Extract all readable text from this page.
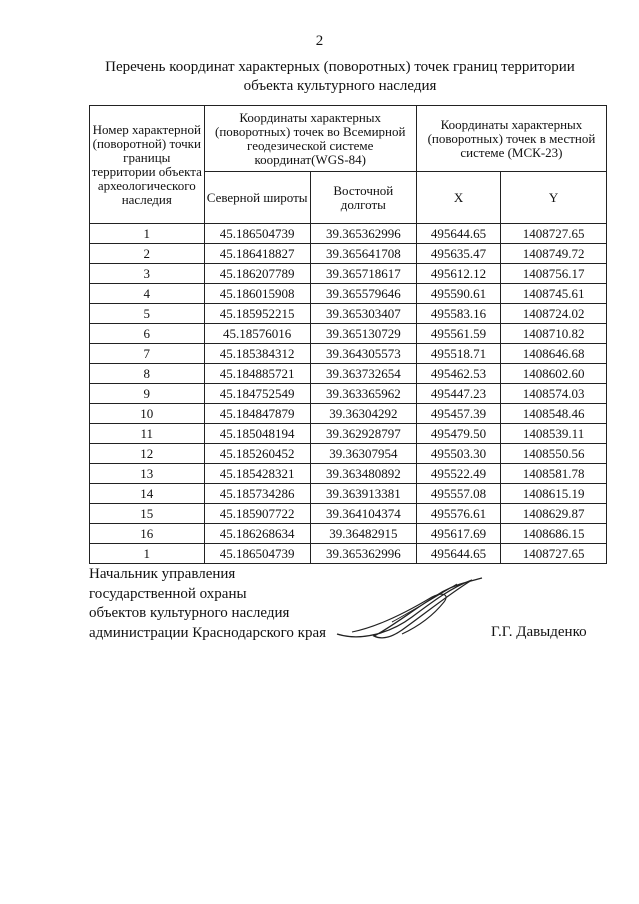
2
Перечень координат характерных (поворотных) точек границ территории
объекта культурного наследия
Номер характерной (поворотной) точки границы территории объекта археологического наследия	Координаты характерных (поворотных) точек во Всемирной геодезической системе координат(WGS-84)		Координаты характерных (поворотных) точек в местной системе (МСК-23)	
	Северной широты	Восточной долготы	X	Y
1	45.186504739	39.365362996	495644.65	1408727.65
2	45.186418827	39.365641708	495635.47	1408749.72
3	45.186207789	39.365718617	495612.12	1408756.17
4	45.186015908	39.365579646	495590.61	1408745.61
5	45.185952215	39.365303407	495583.16	1408724.02
6	45.18576016	39.365130729	495561.59	1408710.82
7	45.185384312	39.364305573	495518.71	1408646.68
8	45.184885721	39.363732654	495462.53	1408602.60
9	45.184752549	39.363365962	495447.23	1408574.03
10	45.184847879	39.36304292	495457.39	1408548.46
11	45.185048194	39.362928797	495479.50	1408539.11
12	45.185260452	39.36307954	495503.30	1408550.56
13	45.185428321	39.363480892	495522.49	1408581.78
14	45.185734286	39.363913381	495557.08	1408615.19
15	45.185907722	39.364104374	495576.61	1408629.87
16	45.186268634	39.36482915	495617.69	1408686.15
1	45.186504739	39.365362996	495644.65	1408727.65
Начальник управления
государственной охраны
объектов культурного наследия
администрации Краснодарского края	Г.Г. Давыденко
